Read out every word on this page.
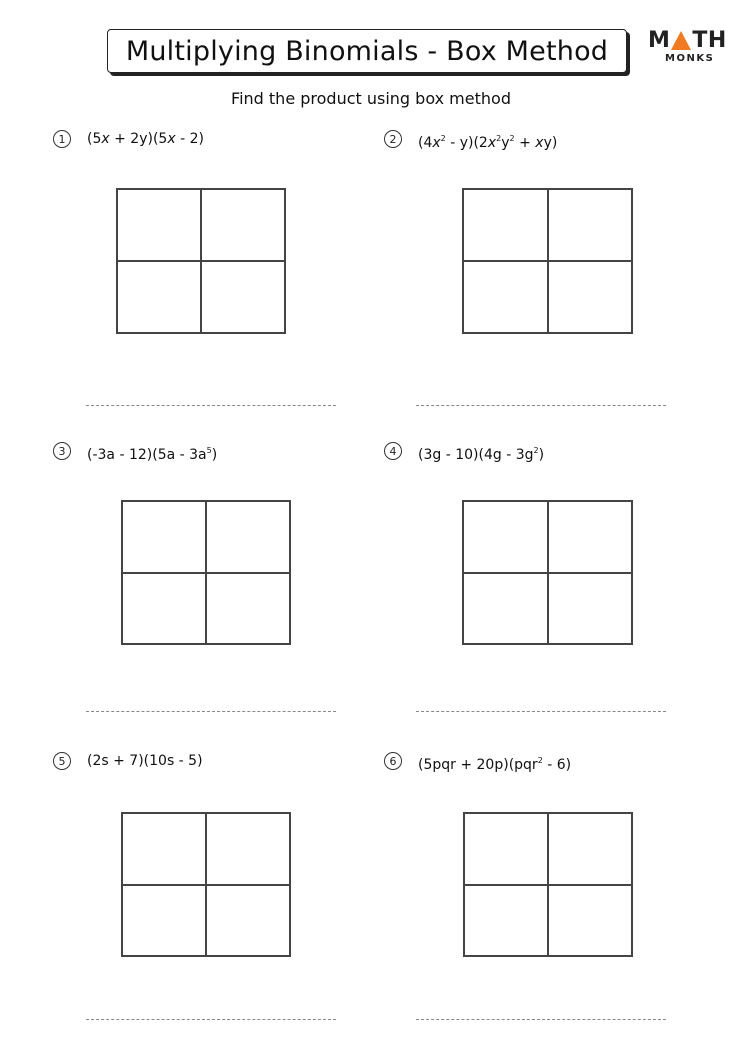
Multiplying Binomials - Box Method M TH
MONKS
Find the product using box method
1	(5x + 2y)(5x - 2)	2	$(4x^2 - y)(2x^2y^2 + xy)$
3	$(-3a - 12)(5a - 3a^5)$	4	$(3g - 10)(4g - 3g^2)$
5	(2s + 7)(10s - 5)	6	(5pqr + 20p)(pqr$^2$ - 6)
